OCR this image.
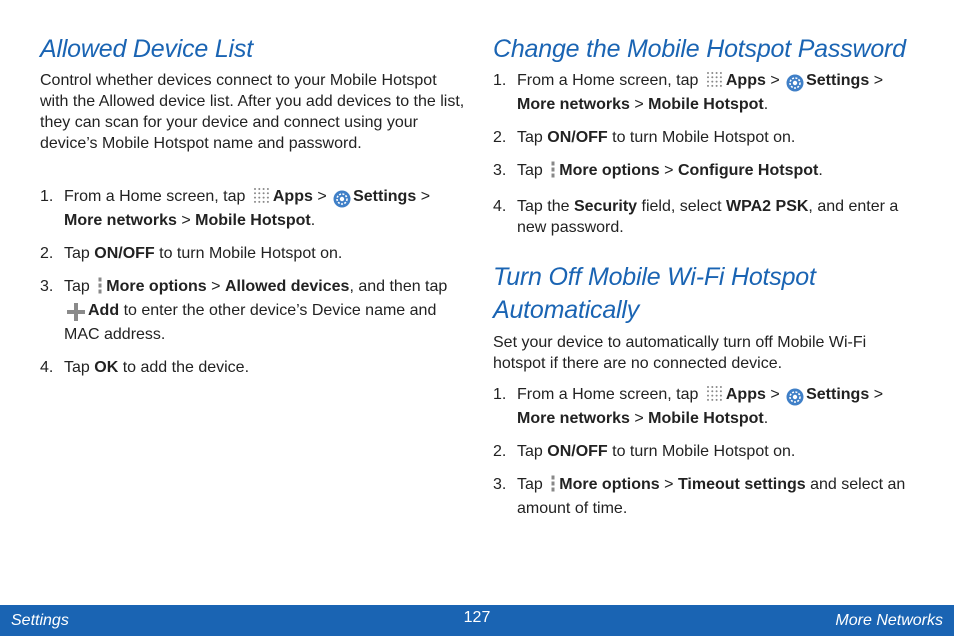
Allowed Device List

Control whether devices connect to your Mobile Hotspot with the Allowed device list. After you add devices to the list, they can scan for your device and connect using your device’s Mobile Hotspot name and password.

1. From a Home screen, tap Apps > Settings > More networks > Mobile Hotspot.
2. Tap ON/OFF to turn Mobile Hotspot on.
3. Tap More options > Allowed devices, and then tap Add to enter the other device’s Device name and MAC address.
4. Tap OK to add the device.
Change the Mobile Hotspot Password
1. From a Home screen, tap Apps > Settings > More networks > Mobile Hotspot.
2. Tap ON/OFF to turn Mobile Hotspot on.
3. Tap More options > Configure Hotspot.
4. Tap the Security field, select WPA2 PSK, and enter a new password.
Turn Off Mobile Wi-Fi Hotspot Automatically

Set your device to automatically turn off Mobile Wi-Fi hotspot if there are no connected device.

1. From a Home screen, tap Apps > Settings > More networks > Mobile Hotspot.
2. Tap ON/OFF to turn Mobile Hotspot on.
3. Tap More options > Timeout settings and select an amount of time.
Settings	127	More Networks
